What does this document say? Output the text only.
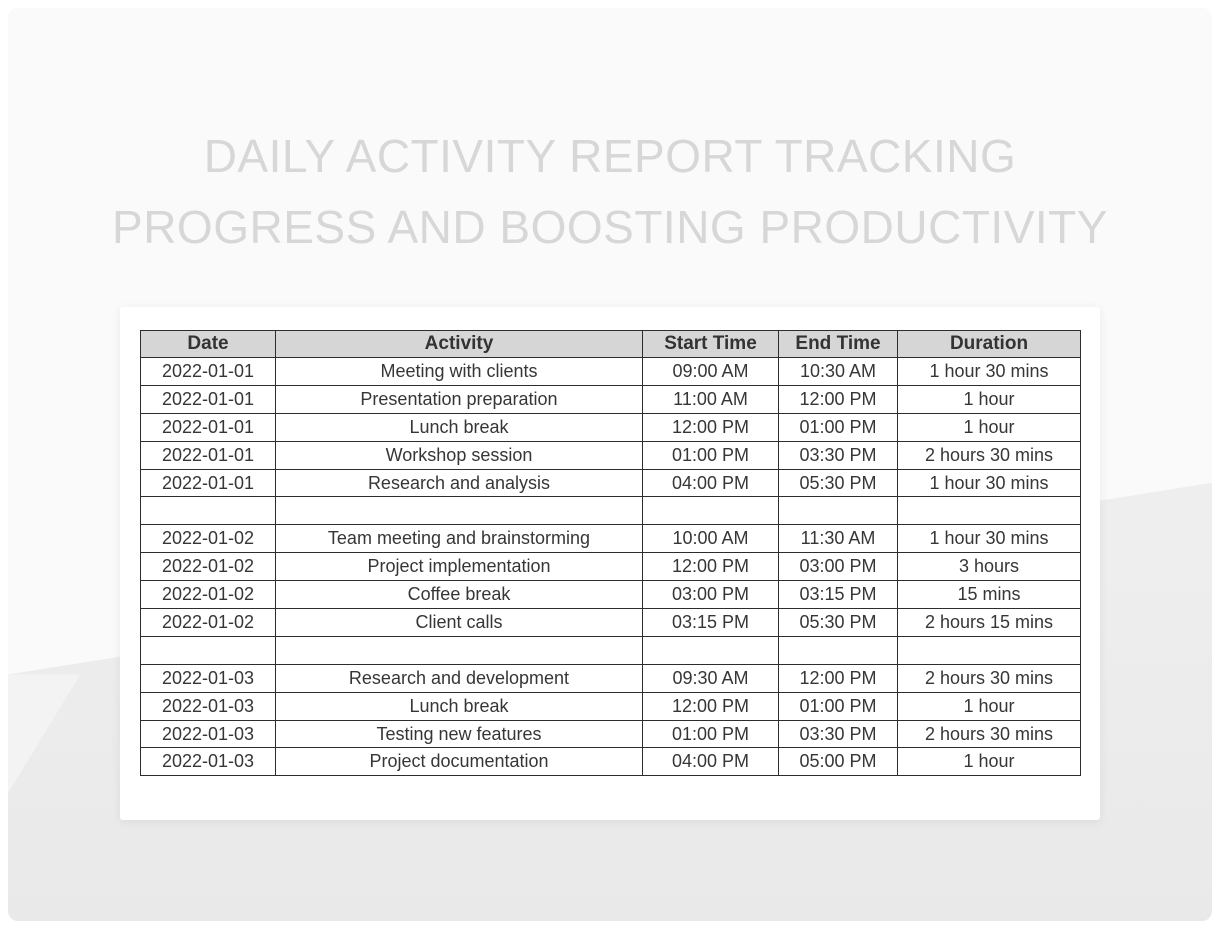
DAILY ACTIVITY REPORT TRACKING
PROGRESS AND BOOSTING PRODUCTIVITY
Date	Activity	Start Time	End Time	Duration
2022-01-01	Meeting with clients	09:00 AM	10:30 AM	1 hour 30 mins
2022-01-01	Presentation preparation	11:00 AM	12:00 PM	1 hour
2022-01-01	Lunch break	12:00 PM	01:00 PM	1 hour
2022-01-01	Workshop session	01:00 PM	03:30 PM	2 hours 30 mins
2022-01-01	Research and analysis	04:00 PM	05:30 PM	1 hour 30 mins

2022-01-02	Team meeting and brainstorming	10:00 AM	11:30 AM	1 hour 30 mins
2022-01-02	Project implementation	12:00 PM	03:00 PM	3 hours
2022-01-02	Coffee break	03:00 PM	03:15 PM	15 mins
2022-01-02	Client calls	03:15 PM	05:30 PM	2 hours 15 mins

2022-01-03	Research and development	09:30 AM	12:00 PM	2 hours 30 mins
2022-01-03	Lunch break	12:00 PM	01:00 PM	1 hour
2022-01-03	Testing new features	01:00 PM	03:30 PM	2 hours 30 mins
2022-01-03	Project documentation	04:00 PM	05:00 PM	1 hour
